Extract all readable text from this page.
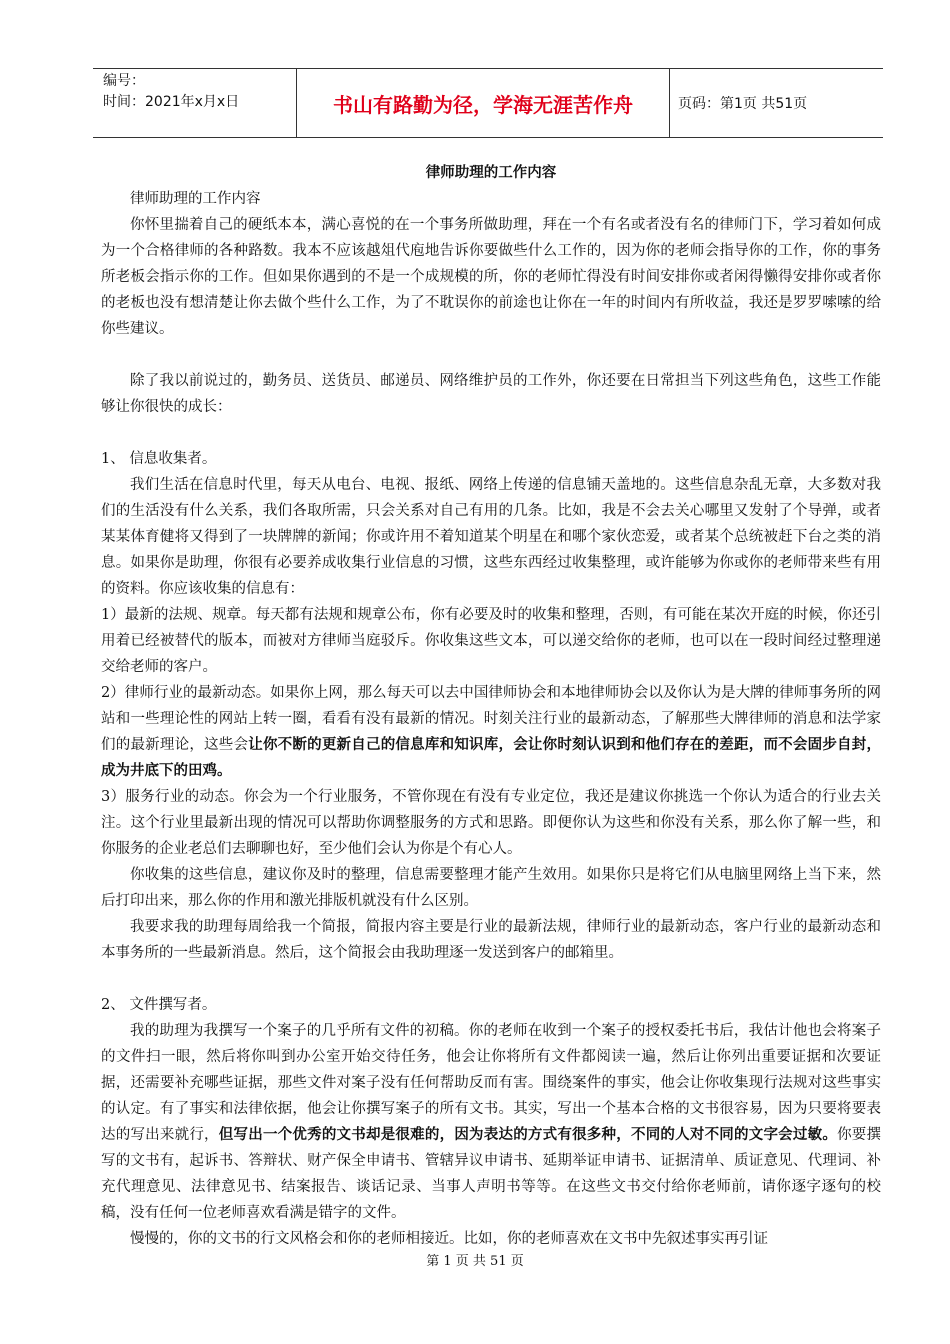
编号：
时间：2021年x月x日	书山有路勤为径，学海无涯苦作舟	页码：第1页 共51页

律师助理的工作内容

律师助理的工作内容

你怀里揣着自己的硬纸本本，满心喜悦的在一个事务所做助理，拜在一个有名或者没有名的律师门下，学习着如何成为一个合格律师的各种路数。我本不应该越俎代庖地告诉你要做些什么工作的，因为你的老师会指导你的工作，你的事务所老板会指示你的工作。但如果你遇到的不是一个成规模的所，你的老师忙得没有时间安排你或者闲得懒得安排你或者你的老板也没有想清楚让你去做个些什么工作，为了不耽误你的前途也让你在一年的时间内有所收益，我还是罗罗嗦嗦的给你些建议。

除了我以前说过的，勤务员、送货员、邮递员、网络维护员的工作外，你还要在日常担当下列这些角色，这些工作能够让你很快的成长：

1、 信息收集者。

我们生活在信息时代里，每天从电台、电视、报纸、网络上传递的信息铺天盖地的。这些信息杂乱无章，大多数对我们的生活没有什么关系，我们各取所需，只会关系对自己有用的几条。比如，我是不会去关心哪里又发射了个导弹，或者某某体育健将又得到了一块牌牌的新闻；你或许用不着知道某个明星在和哪个家伙恋爱，或者某个总统被赶下台之类的消息。如果你是助理，你很有必要养成收集行业信息的习惯，这些东西经过收集整理，或许能够为你或你的老师带来些有用的资料。你应该收集的信息有：

1）最新的法规、规章。每天都有法规和规章公布，你有必要及时的收集和整理，否则，有可能在某次开庭的时候，你还引用着已经被替代的版本，而被对方律师当庭驳斥。你收集这些文本，可以递交给你的老师，也可以在一段时间经过整理递交给老师的客户。

2）律师行业的最新动态。如果你上网，那么每天可以去中国律师协会和本地律师协会以及你认为是大牌的律师事务所的网站和一些理论性的网站上转一圈，看看有没有最新的情况。时刻关注行业的最新动态，了解那些大牌律师的消息和法学家们的最新理论，这些会让你不断的更新自己的信息库和知识库，会让你时刻认识到和他们存在的差距，而不会固步自封，成为井底下的田鸡。

3）服务行业的动态。你会为一个行业服务，不管你现在有没有专业定位，我还是建议你挑选一个你认为适合的行业去关注。这个行业里最新出现的情况可以帮助你调整服务的方式和思路。即便你认为这些和你没有关系，那么你了解一些，和你服务的企业老总们去聊聊也好，至少他们会认为你是个有心人。

你收集的这些信息，建议你及时的整理，信息需要整理才能产生效用。如果你只是将它们从电脑里网络上当下来，然后打印出来，那么你的作用和激光排版机就没有什么区别。

我要求我的助理每周给我一个简报，简报内容主要是行业的最新法规，律师行业的最新动态，客户行业的最新动态和本事务所的一些最新消息。然后，这个简报会由我助理逐一发送到客户的邮箱里。

2、 文件撰写者。

我的助理为我撰写一个案子的几乎所有文件的初稿。你的老师在收到一个案子的授权委托书后，我估计他也会将案子的文件扫一眼，然后将你叫到办公室开始交待任务，他会让你将所有文件都阅读一遍，然后让你列出重要证据和次要证据，还需要补充哪些证据，那些文件对案子没有任何帮助反而有害。围绕案件的事实，他会让你收集现行法规对这些事实的认定。有了事实和法律依据，他会让你撰写案子的所有文书。其实，写出一个基本合格的文书很容易，因为只要将要表达的写出来就行，但写出一个优秀的文书却是很难的，因为表达的方式有很多种，不同的人对不同的文字会过敏。你要撰写的文书有，起诉书、答辩状、财产保全申请书、管辖异议申请书、延期举证申请书、证据清单、质证意见、代理词、补充代理意见、法律意见书、结案报告、谈话记录、当事人声明书等等。在这些文书交付给你老师前，请你逐字逐句的校稿，没有任何一位老师喜欢看满是错字的文件。

慢慢的，你的文书的行文风格会和你的老师相接近。比如，你的老师喜欢在文书中先叙述事实再引证

第 1 页 共 51 页
